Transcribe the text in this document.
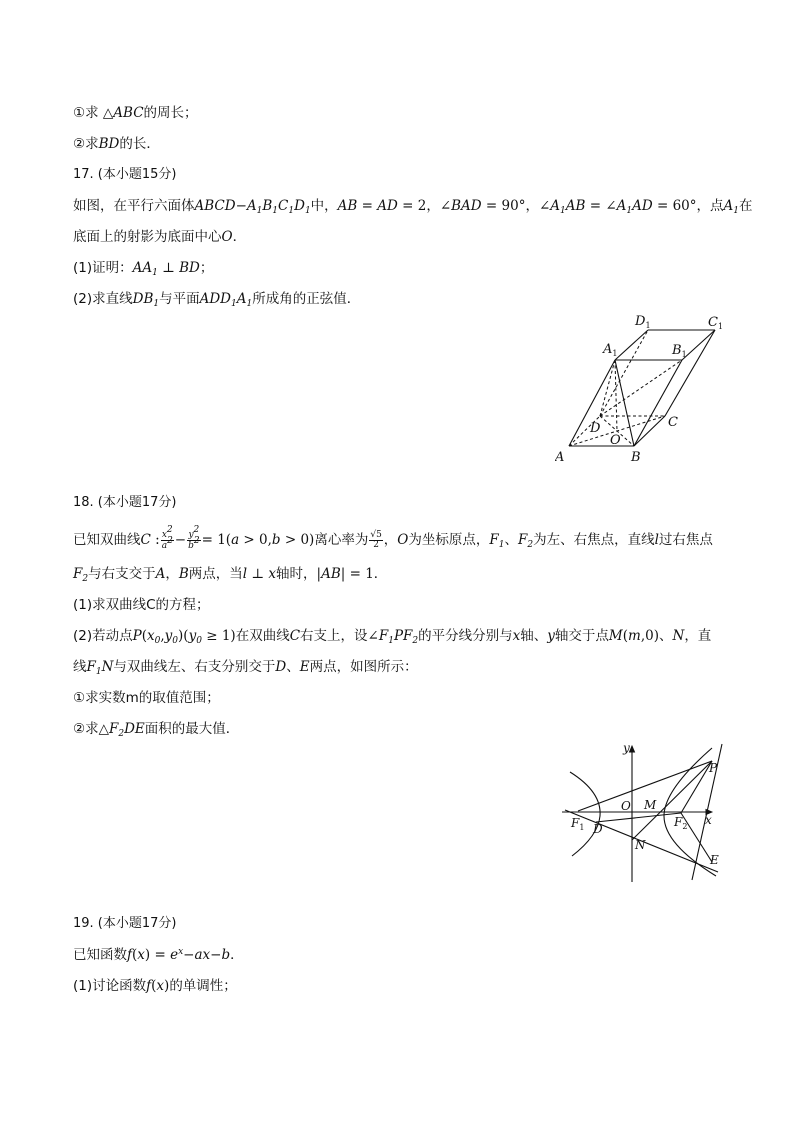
①求 △ABC的周长；
②求BD的长．
17. (本小题15分)
如图，在平行六面体$ABCD-A_1B_1C_1D_1$中，AB = AD = 2，∠BAD = 90°，$\angle A_1AB$ = $\angle A_1AD = 60^\circ$，点$A_1$在
底面上的射影为底面中心O．
(1)证明：$AA_1$ ⊥ BD；
(2)求直线$DB_1$与平面$ADD_1A_1$所成角的正弦值．
A	B
C
D
O
$A_1$	$B_1$
$C_1$
$D_1$
18. (本小题17分)
已知双曲线C : $\frac{x^2}{a^2} - \frac{y^2}{b^2} = 1(a > 0,b > 0)$离心率为 $\frac{√5}{2}$ ，O为坐标原点，$F_1$、$F_2$为左、右焦点，直线l过右焦点
$F_2$与右支交于A，B两点，当l ⊥ x轴时，|AB| = 1．
(1)求双曲线C的方程；
(2)若动点$P(x_0,y_0)(y_0 \ge 1)$在双曲线C右支上，设$\angle F_1PF_2$的平分线分别与x轴、y轴交于点M(m,0)、N，直
线$F_1N$与双曲线左、右支分别交于D、E两点，如图所示：
①求实数m的取值范围；
②求$\triangle F_2DE$面积的最大值．
y
x
O M
P
N
E
D
$F_1$	$F_2$
19. (本小题17分)
已知函数$f(x) = e^x-ax-b$．
(1)讨论函数f(x)的单调性；
